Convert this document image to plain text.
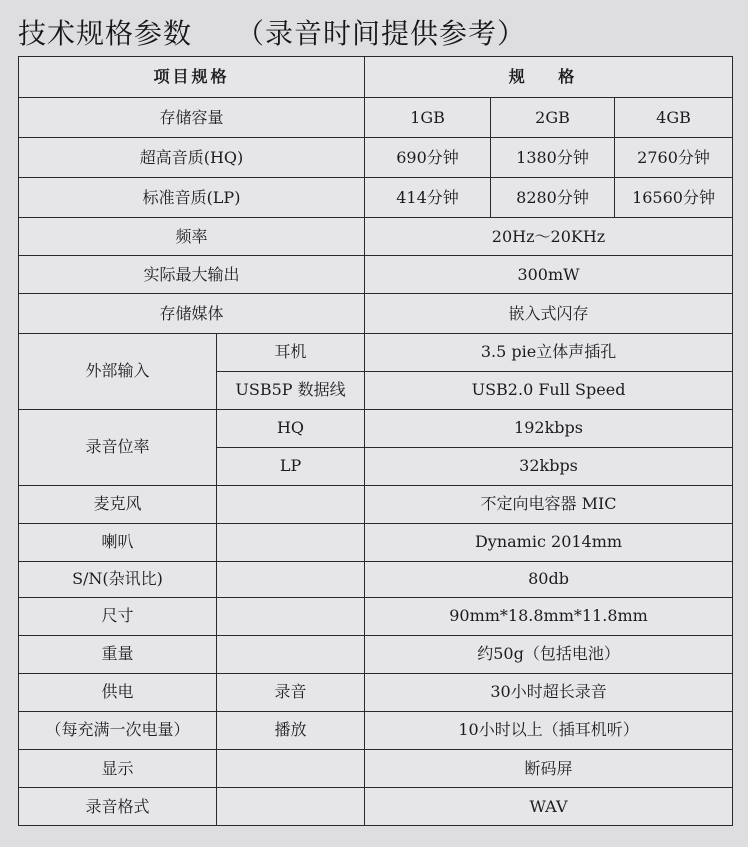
技术规格参数 （录音时间提供参考）
项目规格		规 格		
存储容量		1GB	2GB	4GB
超高音质(HQ)		690分钟	1380分钟	2760分钟
标准音质(LP)		414分钟	8280分钟	16560分钟
频率		20Hz～20KHz		
实际最大输出		300mW		
存储媒体		嵌入式闪存		
外部输入	耳机	3.5 pie立体声插孔		
	USB5P 数据线	USB2.0 Full Speed		
录音位率	HQ	192kbps		
	LP	32kbps		
麦克风		不定向电容器 MIC		
喇叭		Dynamic 2014mm		
S/N(杂讯比)		80db		
尺寸		90mm*18.8mm*11.8mm		
重量		约50g（包括电池）		
供电	录音	30小时超长录音		
（每充满一次电量）	播放	10小时以上（插耳机听）		
显示		断码屏		
录音格式		WAV		
